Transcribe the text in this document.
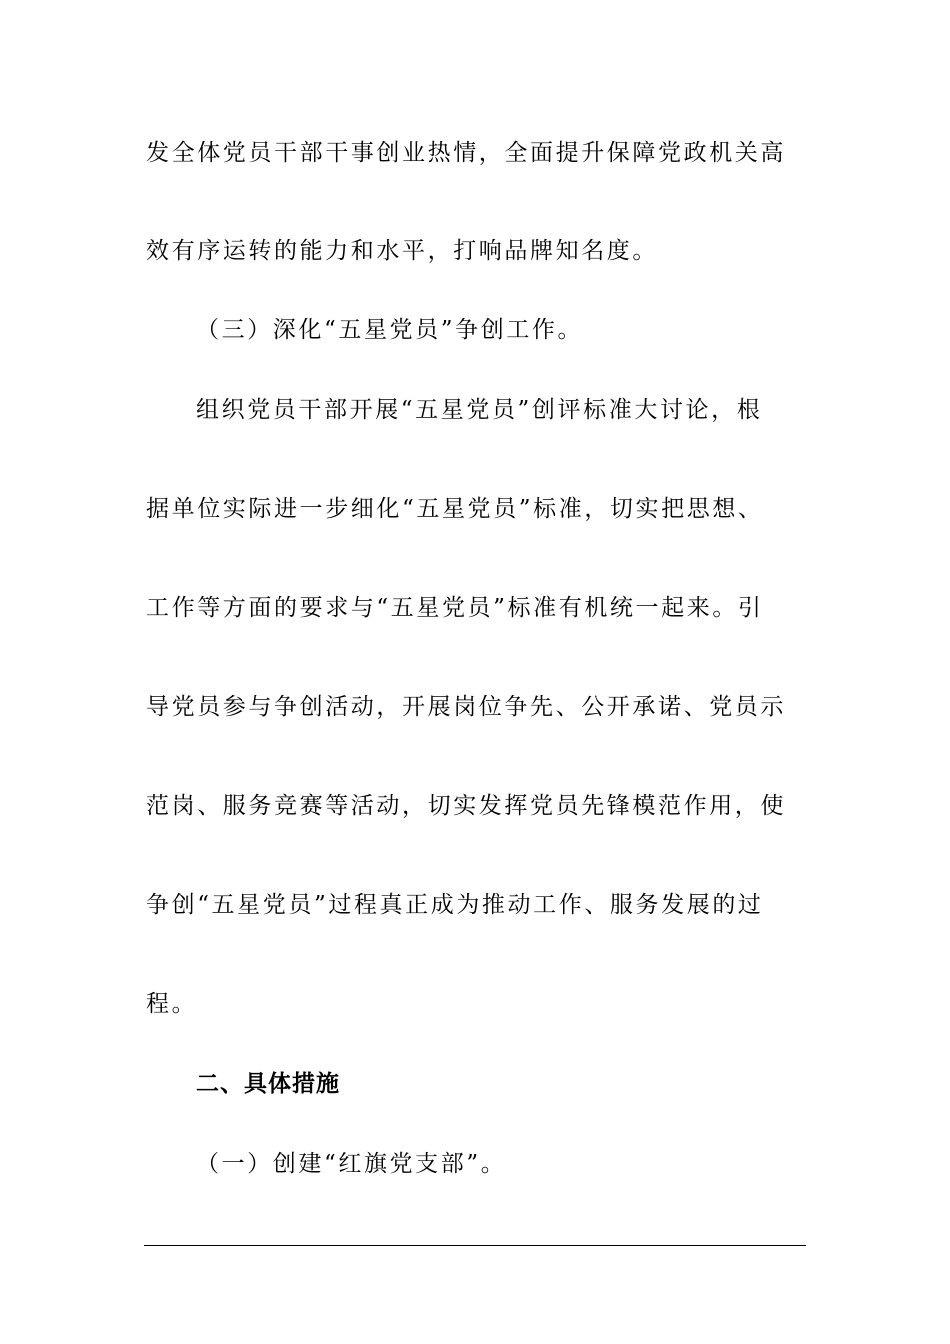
发全体党员干部干事创业热情，全面提升保障党政机关高
效有序运转的能力和水平，打响品牌知名度。
（三）深化“五星党员”争创工作。
组织党员干部开展“五星党员”创评标准大讨论，根
据单位实际进一步细化“五星党员”标准，切实把思想、
工作等方面的要求与“五星党员”标准有机统一起来。引
导党员参与争创活动，开展岗位争先、公开承诺、党员示
范岗、服务竞赛等活动，切实发挥党员先锋模范作用，使
争创“五星党员”过程真正成为推动工作、服务发展的过
程。
二、具体措施
（一）创建“红旗党支部”。
